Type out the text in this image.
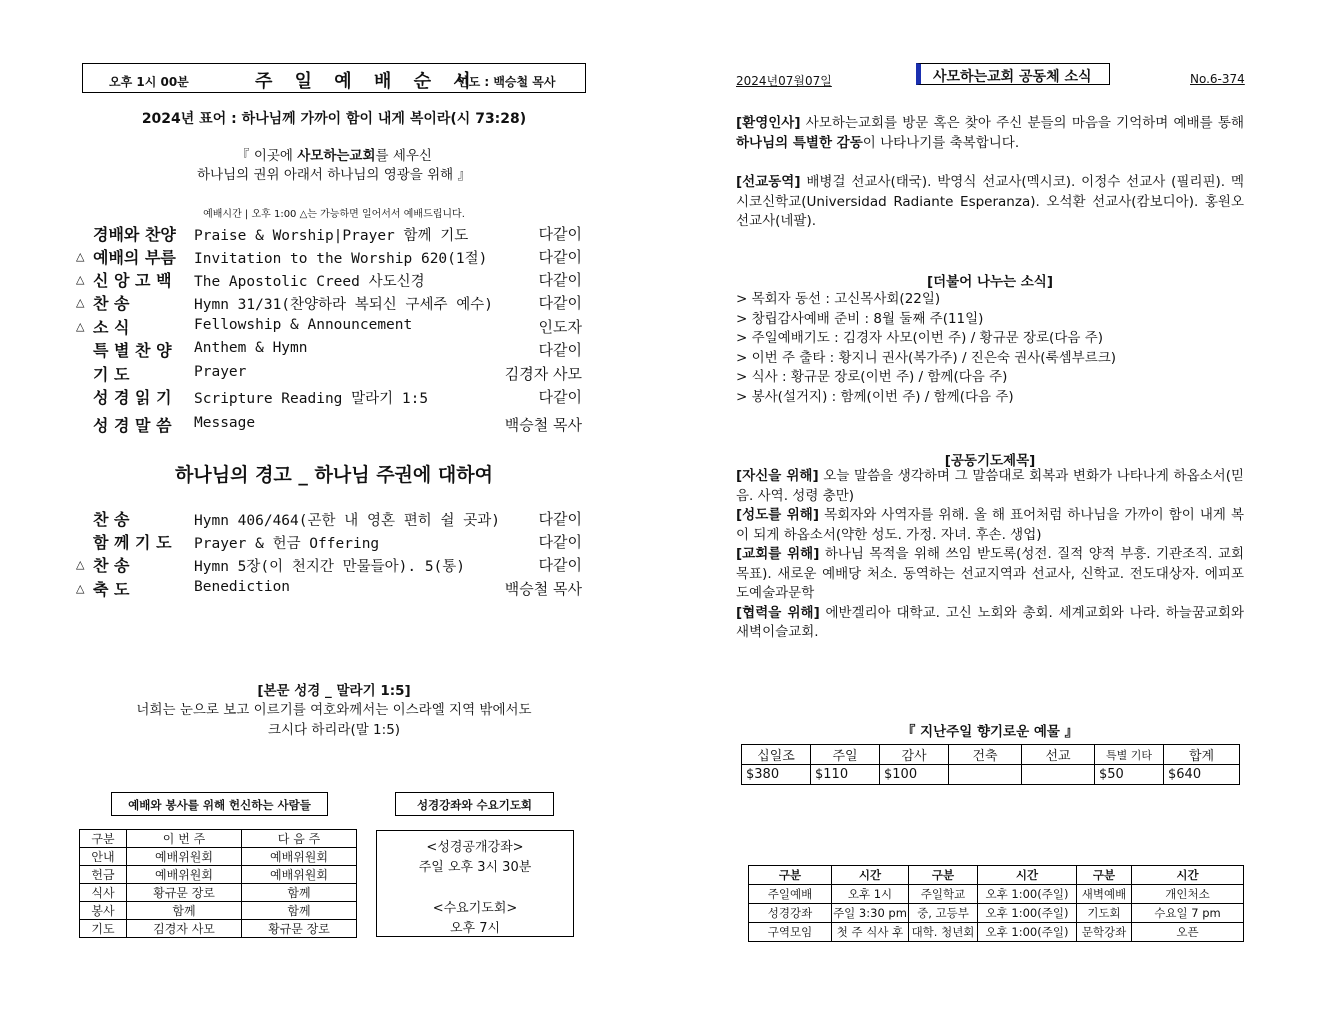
오후 1시 00분	주 일 예 배 순 서
인도 : 백승철 목사
2024년 표어 : 하나님께 가까이 함이 내게 복이라(시 73:28)
『 이곳에 사모하는교회를 세우신
하나님의 권위 아래서 하나님의 영광을 위해 』
예배시간 | 오후 1:00 △는 가능하면 일어서서 예배드립니다.
경배와 찬양	Praise & Worship|Prayer 함께 기도	다같이
△ 예배의 부름	Invitation to the Worship 620(1절)	다같이
△ 신 앙 고 백	The Apostolic Creed 사도신경	다같이
△ 찬 송	Hymn 31/31(찬양하라 복되신 구세주 예수)	다같이
△ 소 식	Fellowship & Announcement	인도자
특 별 찬 양	Anthem & Hymn	다같이
기 도	Prayer	김경자 사모
성 경 읽 기	Scripture Reading 말라기 1:5	다같이
성 경 말 씀	Message	백승철 목사
하나님의 경고 _ 하나님 주권에 대하여
찬 송	Hymn 406/464(곤한 내 영혼 편히 쉴 곳과)	다같이
함 께 기 도	Prayer & 헌금 Offering	다같이
△ 찬 송	Hymn 5장(이 천지간 만물들아). 5(통)	다같이
△ 축 도	Benediction	백승철 목사
[본문 성경 _ 말라기 1:5]
너희는 눈으로 보고 이르기를 여호와께서는 이스라엘 지역 밖에서도
크시다 하리라(말 1:5)
예배와 봉사를 위해 헌신하는 사람들	성경강좌와 수요기도회
구분	이 번 주	다 음 주
안내	예배위원회	예배위원회
헌금	예배위원회	예배위원회
식사	황규문 장로	함께
봉사	함께	함께
기도	김경자 사모	황규문 장로
<성경공개강좌>
주일 오후 3시 30분
<수요기도회>
오후 7시
2024년07월07일	사모하는교회 공동체 소식	No.6-374
[환영인사] 사모하는교회를 방문 혹은 찾아 주신 분들의 마음을 기억하며 예배를 통해 하나님의 특별한 감동이 나타나기를 축복합니다.
[선교동역] 배병걸 선교사(태국). 박영식 선교사(멕시코). 이정수 선교사 (필리핀). 멕시코신학교(Universidad Radiante Esperanza). 오석환 선교사(캄보디아). 홍원오 선교사(네팔).
[더불어 나누는 소식]
> 목회자 동선 : 고신목사회(22일)
> 창립감사예배 준비 : 8월 둘째 주(11일)
> 주일예배기도 : 김경자 사모(이번 주) / 황규문 장로(다음 주)
> 이번 주 출타 : 황지니 권사(복가주) / 진은숙 권사(룩셈부르크)
> 식사 : 황규문 장로(이번 주) / 함께(다음 주)
> 봉사(설거지) : 함께(이번 주) / 함께(다음 주)
[공동기도제목]
[자신을 위해] 오늘 말씀을 생각하며 그 말씀대로 회복과 변화가 나타나게 하옵소서(믿음. 사역. 성령 충만)
[성도를 위해] 목회자와 사역자를 위해. 올 해 표어처럼 하나님을 가까이 함이 내게 복이 되게 하옵소서(약한 성도. 가정. 자녀. 후손. 생업)
[교회를 위해] 하나님 목적을 위해 쓰임 받도록(성전. 질적 양적 부흥. 기관조직. 교회 목표). 새로운 예배당 처소. 동역하는 선교지역과 선교사, 신학교. 전도대상자. 에피포도예술과문학
[협력을 위해] 에반겔리아 대학교. 고신 노회와 총회. 세계교회와 나라. 하늘꿈교회와 새벽이슬교회.
『 지난주일 향기로운 예물 』
십일조	주일	감사	건축	선교	특별 기타	합계
$380	$110	$100			$50	$640
구분	시간	구분	시간	구분	시간
주일예배	오후 1시	주일학교	오후 1:00(주일)	새벽예배	개인처소
성경강좌	주일 3:30 pm	중, 고등부	오후 1:00(주일)	기도회	수요일 7 pm
구역모임	첫 주 식사 후	대학. 청년회	오후 1:00(주일)	문학강좌	오픈
